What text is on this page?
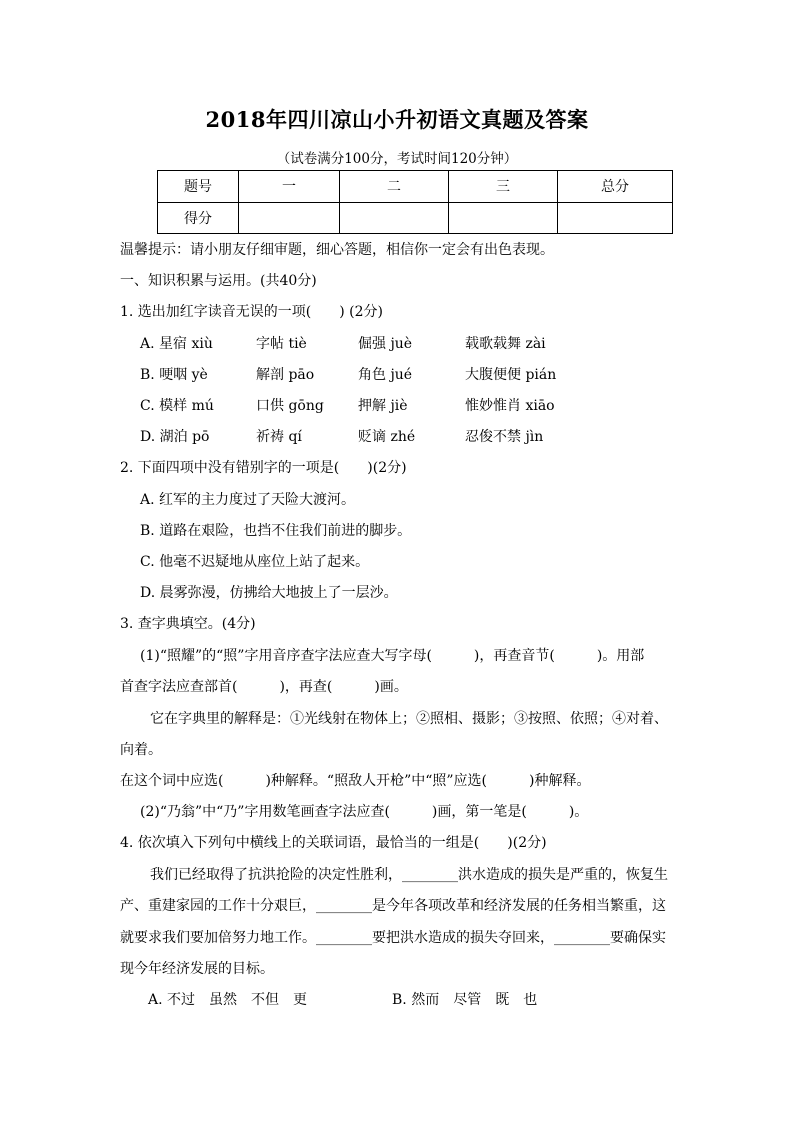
2018年四川凉山小升初语文真题及答案
（试卷满分100分，考试时间120分钟）
题号	一	二	三	总分
得分				
温馨提示：请小朋友仔细审题，细心答题，相信你一定会有出色表现。
一、知识积累与运用。(共40分)
1. 选出加红字读音无误的一项(　　) (2分)
A. 星宿 xiù	字帖 tiè	倔强 juè	载歌载舞 zài
B. 哽咽 yè	解剖 pāo	角色 jué	大腹便便 pián
C. 模样 mú	口供 gōng 押解 jiè	惟妙惟肖 xiāo
D. 湖泊 pō	祈祷 qí	贬谪 zhé	忍俊不禁 jìn
2. 下面四项中没有错别字的一项是(　　)(2分)
A. 红军的主力度过了天险大渡河。
B. 道路在艰险，也挡不住我们前进的脚步。
C. 他毫不迟疑地从座位上站了起来。
D. 晨雾弥漫，仿拂给大地披上了一层沙。
3. 查字典填空。(4分)
(1)“照耀”的“照”字用音序查字法应查大写字母(　　　)，再查音节(　　　)。用部
首查字法应查部首(　　　)，再查(　　　)画。
它在字典里的解释是：①光线射在物体上；②照相、摄影；③按照、依照；④对着、
向着。
在这个词中应选(　　　)种解释。“照敌人开枪”中“照”应选(　　　)种解释。
(2)“乃翁”中“乃”字用数笔画查字法应查(　　　)画，第一笔是(　　　)。
4. 依次填入下列句中横线上的关联词语，最恰当的一组是(　　)(2分)
我们已经取得了抗洪抢险的决定性胜利，________洪水造成的损失是严重的，恢复生
产、重建家园的工作十分艰巨，________是今年各项改革和经济发展的任务相当繁重，这
就要求我们要加倍努力地工作。________要把洪水造成的损失夺回来，________要确保实
现今年经济发展的目标。
A. 不过　虽然　不但　更	B. 然而　尽管　既　也
